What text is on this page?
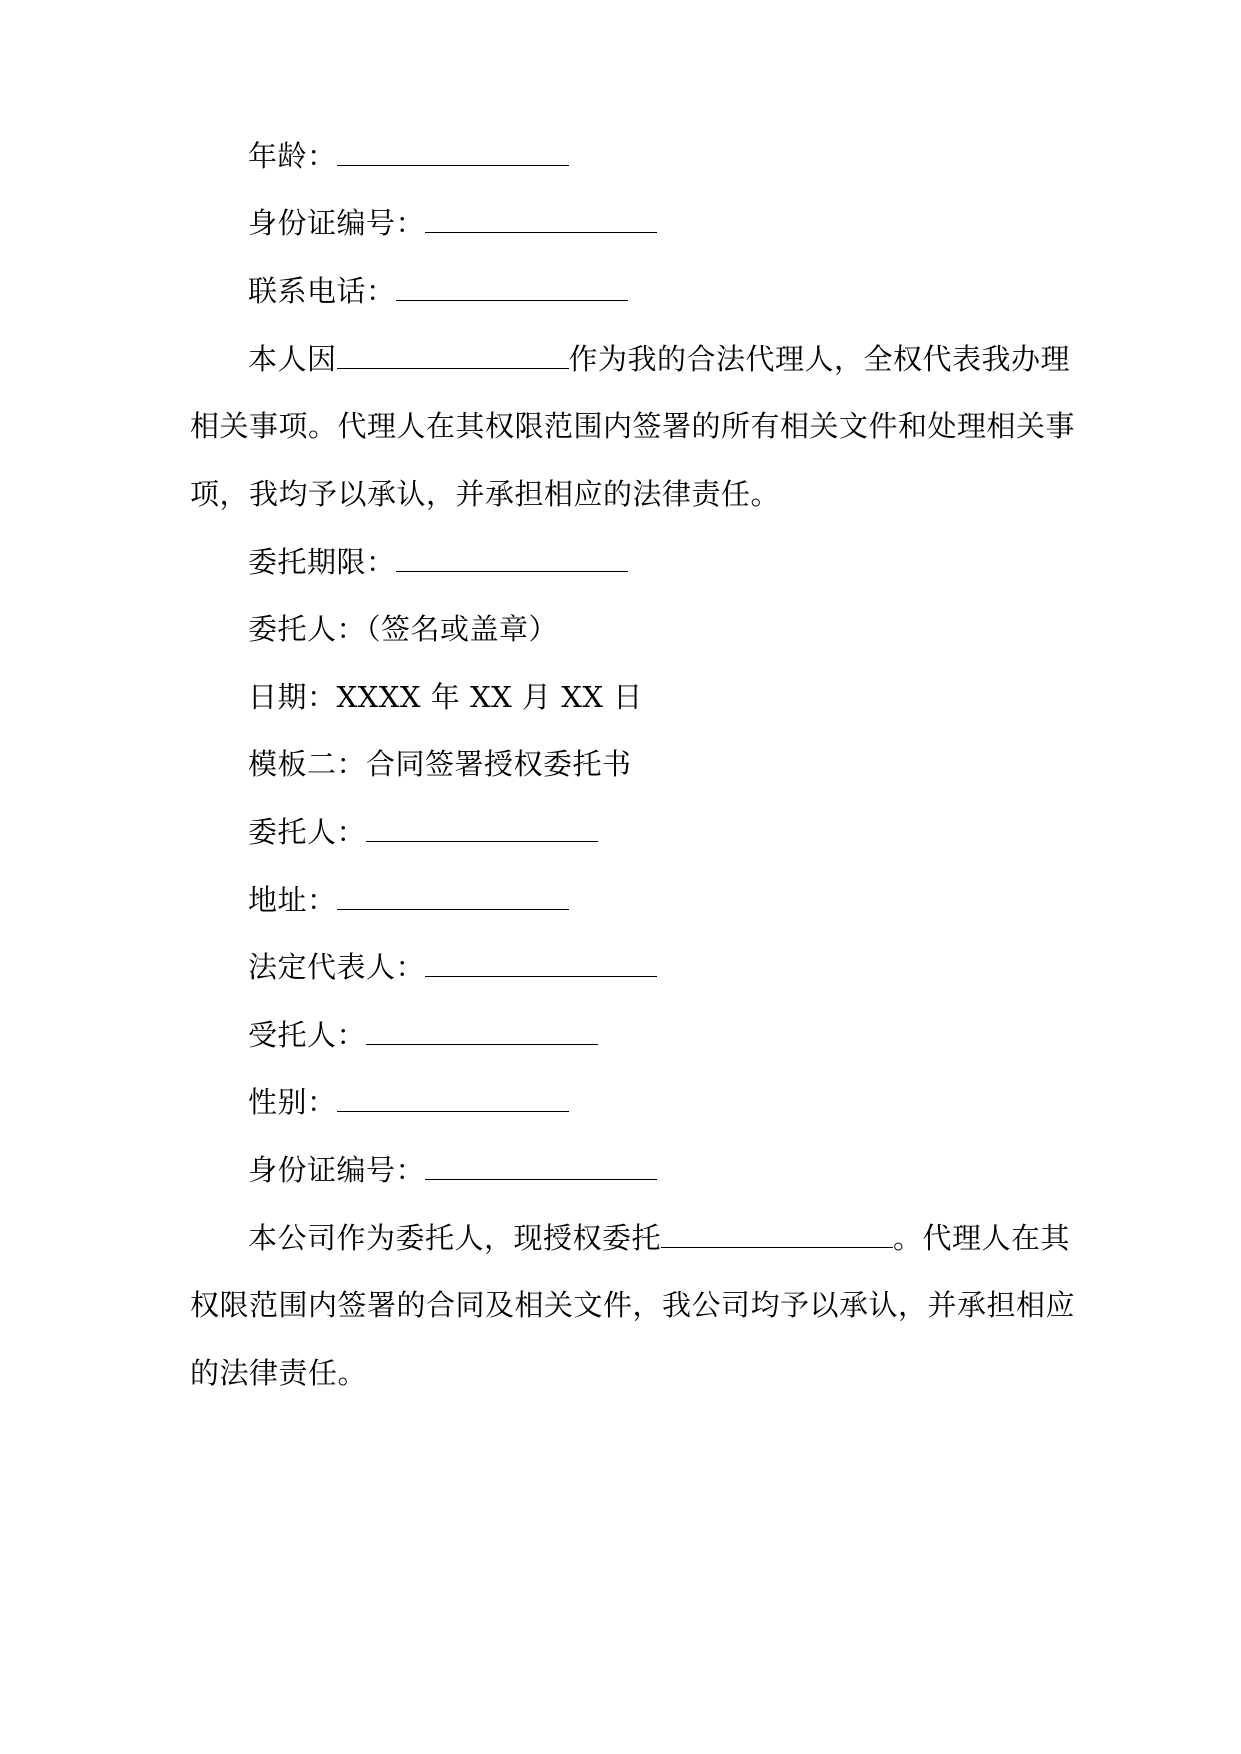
年龄：
身份证编号：
联系电话：
本人因	作为我的合法代理人，全权代表我办理
相关事项。代理人在其权限范围内签署的所有相关文件和处理相关事
项，我均予以承认，并承担相应的法律责任。
委托期限：
委托人：（签名或盖章）
日期：XXXX 年 XX 月 XX 日
模板二：合同签署授权委托书
委托人：
地址：
法定代表人：
受托人：
性别：
身份证编号：
本公司作为委托人，现授权委托	。代理人在其
权限范围内签署的合同及相关文件，我公司均予以承认，并承担相应
的法律责任。
